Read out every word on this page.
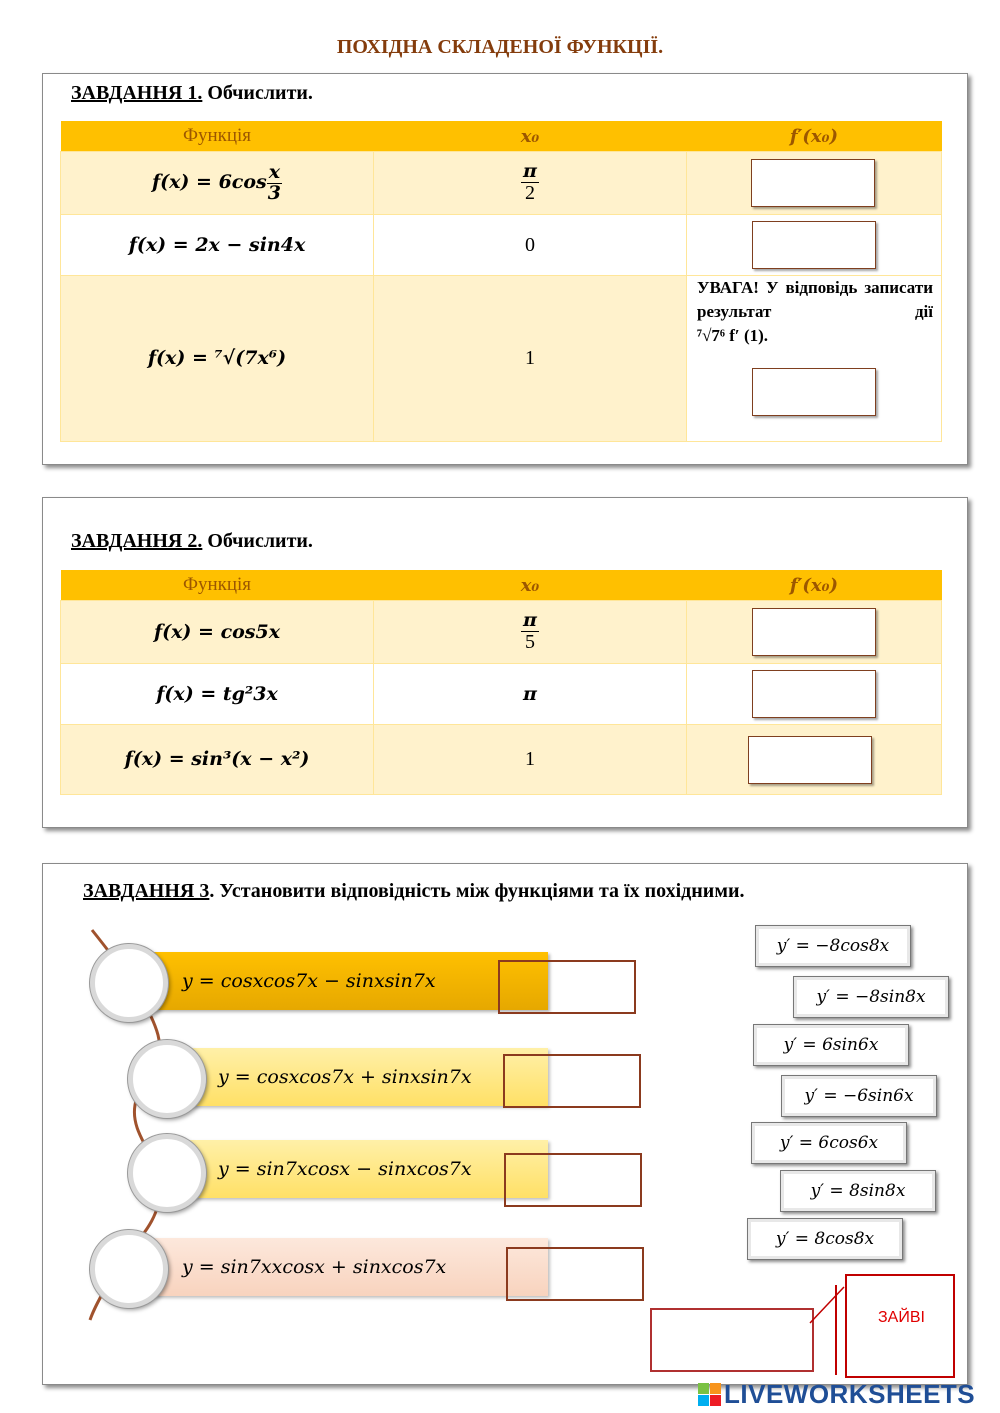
ПОХІДНА СКЛАДЕНОЇ ФУНКЦІЇ.
ЗАВДАННЯ 1. Обчислити.
Функція	x₀	f′(x₀)
$f(x) = 6\cos \frac{x}{3}$	$\frac{\pi}{2}$

f(x) = 2x − sin4x	0	
f(x) = ⁷√(7x⁶)	1	УВАГА! У відповідь записати результат дії
⁷√7⁶ f′ (1).
ЗАВДАННЯ 2. Обчислити.
Функція	x₀	f′(x₀)
f(x) = cos5x	$\frac{\pi}{5}$

f(x) = tg²3x	π	
f(x) = sin³(x − x²)	1	
ЗАВДАННЯ 3. Установити відповідність між функціями та їх похідними.
y = cosxcos7x − sinxsin7x
y = cosxcos7x + sinxsin7x
y = sin7xcosx − sinxcos7x
y = sin7xxcosx + sinxcos7x
y′ = −8cos8x
y′ = −8sin8x
y′ = 6sin6x
y′ = −6sin6x
y′ = 6cos6x
y′ = 8sin8x
y′ = 8cos8x
ЗАЙВІ
LIVEWORKSHEETS
